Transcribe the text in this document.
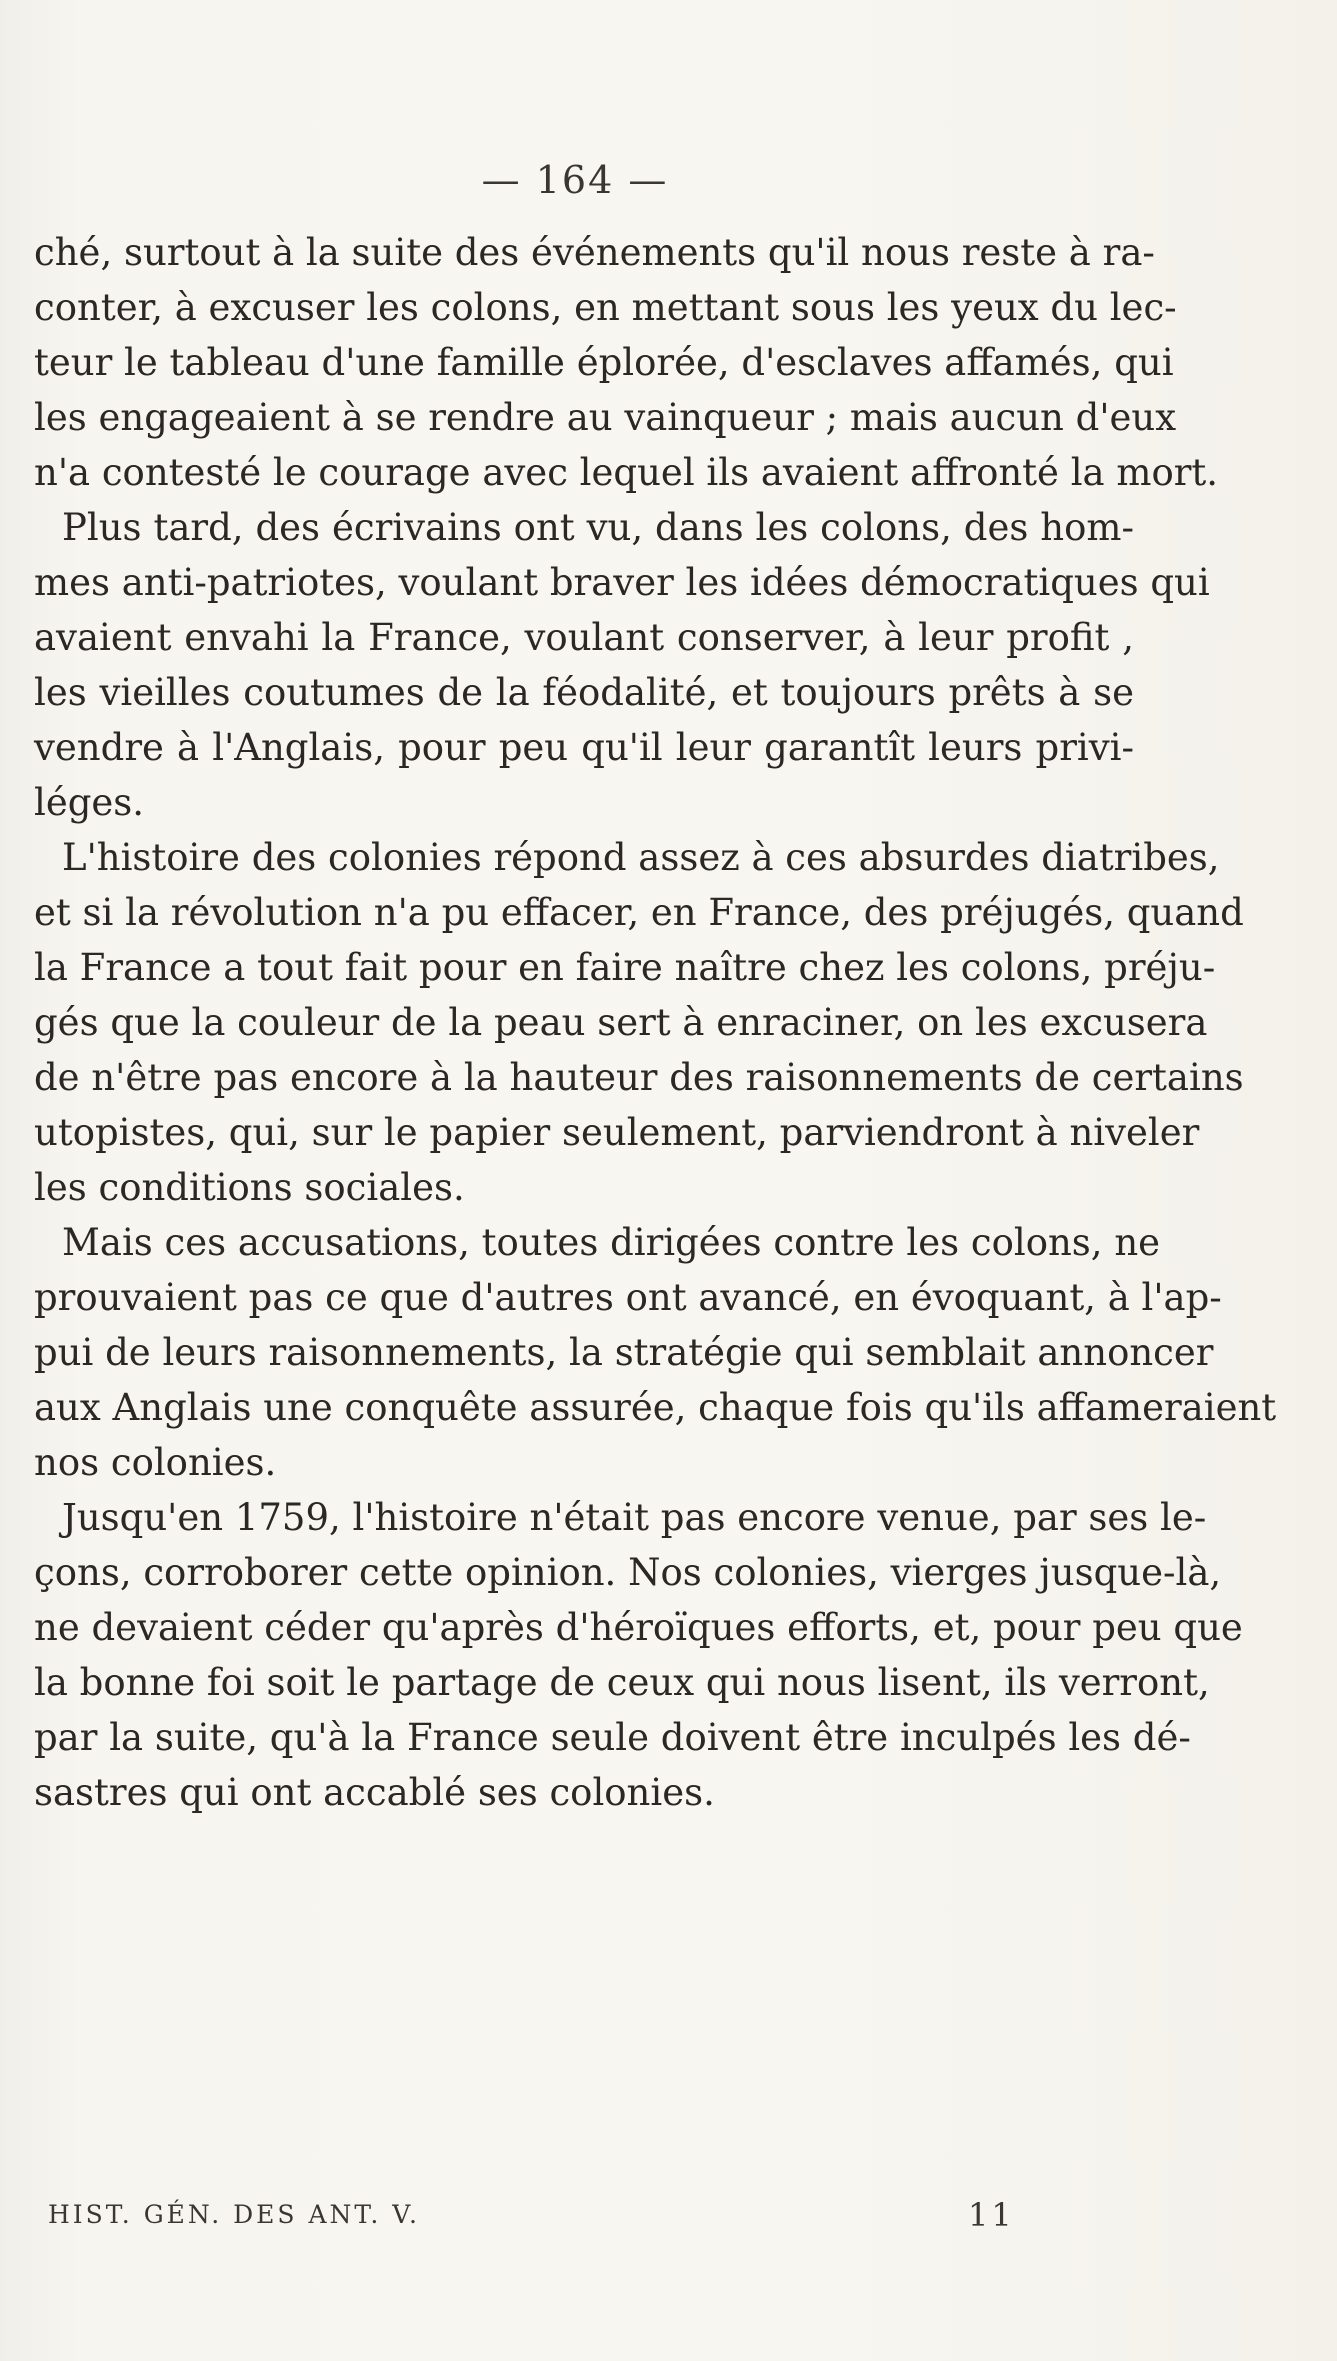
— 164 —
ché, surtout à la suite des événements qu'il nous reste à ra-
conter, à excuser les colons, en mettant sous les yeux du lec-
teur le tableau d'une famille éplorée, d'esclaves affamés, qui
les engageaient à se rendre au vainqueur ; mais aucun d'eux
n'a contesté le courage avec lequel ils avaient affronté la mort.
Plus tard, des écrivains ont vu, dans les colons, des hom-
mes anti-patriotes, voulant braver les idées démocratiques qui
avaient envahi la France, voulant conserver, à leur profit ,
les vieilles coutumes de la féodalité, et toujours prêts à se
vendre à l'Anglais, pour peu qu'il leur garantît leurs privi-
léges.
L'histoire des colonies répond assez à ces absurdes diatribes,
et si la révolution n'a pu effacer, en France, des préjugés, quand
la France a tout fait pour en faire naître chez les colons, préju-
gés que la couleur de la peau sert à enraciner, on les excusera
de n'être pas encore à la hauteur des raisonnements de certains
utopistes, qui, sur le papier seulement, parviendront à niveler
les conditions sociales.
Mais ces accusations, toutes dirigées contre les colons, ne
prouvaient pas ce que d'autres ont avancé, en évoquant, à l'ap-
pui de leurs raisonnements, la stratégie qui semblait annoncer
aux Anglais une conquête assurée, chaque fois qu'ils affameraient
nos colonies.
Jusqu'en 1759, l'histoire n'était pas encore venue, par ses le-
çons, corroborer cette opinion. Nos colonies, vierges jusque-là,
ne devaient céder qu'après d'héroïques efforts, et, pour peu que
la bonne foi soit le partage de ceux qui nous lisent, ils verront,
par la suite, qu'à la France seule doivent être inculpés les dé-
sastres qui ont accablé ses colonies.
HIST. GÉN. DES ANT. V.	11
